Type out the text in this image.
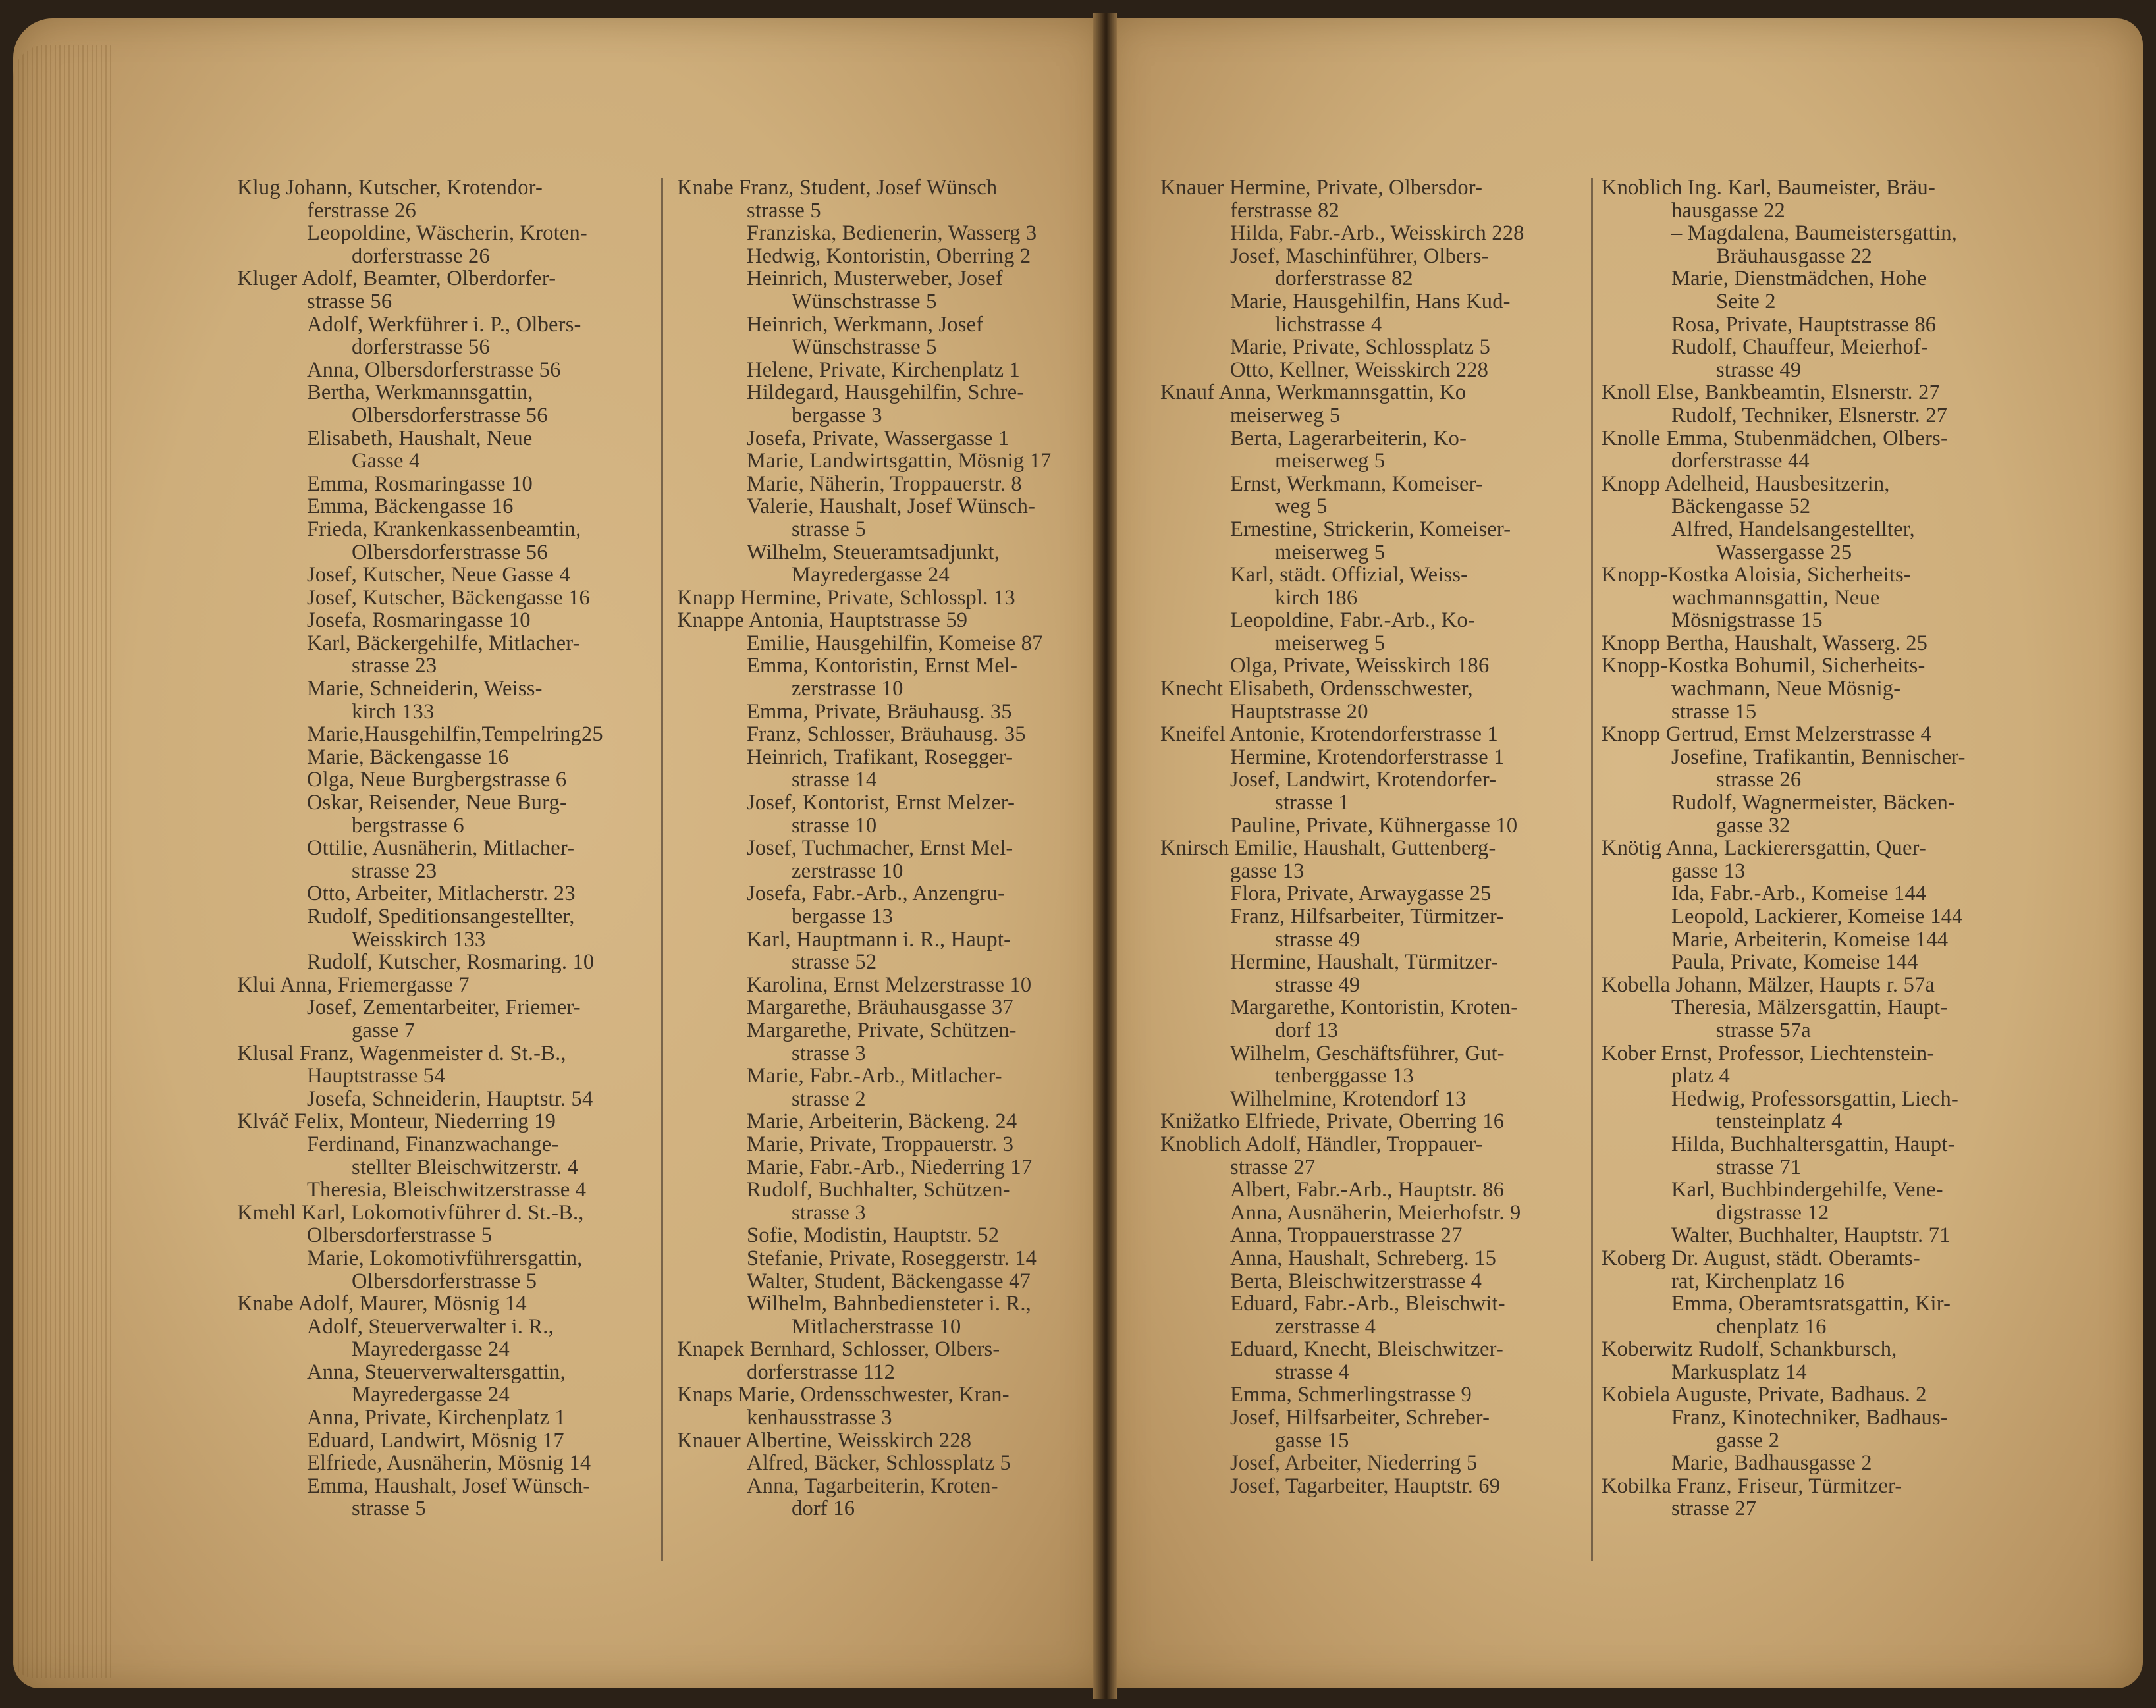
Klug Johann, Kutscher, Krotendor-
ferstrasse 26
Leopoldine, Wäscherin, Kroten-
dorferstrasse 26
Kluger Adolf, Beamter, Olberdorfer-
strasse 56
Adolf, Werkführer i. P., Olbers-
dorferstrasse 56
Anna, Olbersdorferstrasse 56
Bertha, Werkmannsgattin,
Olbersdorferstrasse 56
Elisabeth, Haushalt, Neue
Gasse 4
Emma, Rosmaringasse 10
Emma, Bäckengasse 16
Frieda, Krankenkassenbeamtin,
Olbersdorferstrasse 56
Josef, Kutscher, Neue Gasse 4
Josef, Kutscher, Bäckengasse 16
Josefa, Rosmaringasse 10
Karl, Bäckergehilfe, Mitlacher-
strasse 23
Marie, Schneiderin, Weiss-
kirch 133
Marie,Hausgehilfin,Tempelring25
Marie, Bäckengasse 16
Olga, Neue Burgbergstrasse 6
Oskar, Reisender, Neue Burg-
bergstrasse 6
Ottilie, Ausnäherin, Mitlacher-
strasse 23
Otto, Arbeiter, Mitlacherstr. 23
Rudolf, Speditionsangestellter,
Weisskirch 133
Rudolf, Kutscher, Rosmaring. 10
Klui Anna, Friemergasse 7
Josef, Zementarbeiter, Friemer-
gasse 7
Klusal Franz, Wagenmeister d. St.-B.,
Hauptstrasse 54
Josefa, Schneiderin, Hauptstr. 54
Klváč Felix, Monteur, Niederring 19
Ferdinand, Finanzwachange-
stellter Bleischwitzerstr. 4
Theresia, Bleischwitzerstrasse 4
Kmehl Karl, Lokomotivführer d. St.-B.,
Olbersdorferstrasse 5
Marie, Lokomotivführersgattin,
Olbersdorferstrasse 5
Knabe Adolf, Maurer, Mösnig 14
Adolf, Steuerverwalter i. R.,
Mayredergasse 24
Anna, Steuerverwaltersgattin,
Mayredergasse 24
Anna, Private, Kirchenplatz 1
Eduard, Landwirt, Mösnig 17
Elfriede, Ausnäherin, Mösnig 14
Emma, Haushalt, Josef Wünsch-
strasse 5
Knabe Franz, Student, Josef Wünsch
strasse 5
Franziska, Bedienerin, Wasserg 3
Hedwig, Kontoristin, Oberring 2
Heinrich, Musterweber, Josef
Wünschstrasse 5
Heinrich, Werkmann, Josef
Wünschstrasse 5
Helene, Private, Kirchenplatz 1
Hildegard, Hausgehilfin, Schre-
bergasse 3
Josefa, Private, Wassergasse 1
Marie, Landwirtsgattin, Mösnig 17
Marie, Näherin, Troppauerstr. 8
Valerie, Haushalt, Josef Wünsch-
strasse 5
Wilhelm, Steueramtsadjunkt,
Mayredergasse 24
Knapp Hermine, Private, Schlosspl. 13
Knappe Antonia, Hauptstrasse 59
Emilie, Hausgehilfin, Komeise 87
Emma, Kontoristin, Ernst Mel-
zerstrasse 10
Emma, Private, Bräuhausg. 35
Franz, Schlosser, Bräuhausg. 35
Heinrich, Trafikant, Rosegger-
strasse 14
Josef, Kontorist, Ernst Melzer-
strasse 10
Josef, Tuchmacher, Ernst Mel-
zerstrasse 10
Josefa, Fabr.-Arb., Anzengru-
bergasse 13
Karl, Hauptmann i. R., Haupt-
strasse 52
Karolina, Ernst Melzerstrasse 10
Margarethe, Bräuhausgasse 37
Margarethe, Private, Schützen-
strasse 3
Marie, Fabr.-Arb., Mitlacher-
strasse 2
Marie, Arbeiterin, Bäckeng. 24
Marie, Private, Troppauerstr. 3
Marie, Fabr.-Arb., Niederring 17
Rudolf, Buchhalter, Schützen-
strasse 3
Sofie, Modistin, Hauptstr. 52
Stefanie, Private, Roseggerstr. 14
Walter, Student, Bäckengasse 47
Wilhelm, Bahnbediensteter i. R.,
Mitlacherstrasse 10
Knapek Bernhard, Schlosser, Olbers-
dorferstrasse 112
Knaps Marie, Ordensschwester, Kran-
kenhausstrasse 3
Knauer Albertine, Weisskirch 228
Alfred, Bäcker, Schlossplatz 5
Anna, Tagarbeiterin, Kroten-
dorf 16
Knauer Hermine, Private, Olbersdor-
ferstrasse 82
Hilda, Fabr.-Arb., Weisskirch 228
Josef, Maschinführer, Olbers-
dorferstrasse 82
Marie, Hausgehilfin, Hans Kud-
lichstrasse 4
Marie, Private, Schlossplatz 5
Otto, Kellner, Weisskirch 228
Knauf Anna, Werkmannsgattin, Ko
meiserweg 5
Berta, Lagerarbeiterin, Ko-
meiserweg 5
Ernst, Werkmann, Komeiser-
weg 5
Ernestine, Strickerin, Komeiser-
meiserweg 5
Karl, städt. Offizial, Weiss-
kirch 186
Leopoldine, Fabr.-Arb., Ko-
meiserweg 5
Olga, Private, Weisskirch 186
Knecht Elisabeth, Ordensschwester,
Hauptstrasse 20
Kneifel Antonie, Krotendorferstrasse 1
Hermine, Krotendorferstrasse 1
Josef, Landwirt, Krotendorfer-
strasse 1
Pauline, Private, Kühnergasse 10
Knirsch Emilie, Haushalt, Guttenberg-
gasse 13
Flora, Private, Arwaygasse 25
Franz, Hilfsarbeiter, Türmitzer-
strasse 49
Hermine, Haushalt, Türmitzer-
strasse 49
Margarethe, Kontoristin, Kroten-
dorf 13
Wilhelm, Geschäftsführer, Gut-
tenberggasse 13
Wilhelmine, Krotendorf 13
Knižatko Elfriede, Private, Oberring 16
Knoblich Adolf, Händler, Troppauer-
strasse 27
Albert, Fabr.-Arb., Hauptstr. 86
Anna, Ausnäherin, Meierhofstr. 9
Anna, Troppauerstrasse 27
Anna, Haushalt, Schreberg. 15
Berta, Bleischwitzerstrasse 4
Eduard, Fabr.-Arb., Bleischwit-
zerstrasse 4
Eduard, Knecht, Bleischwitzer-
strasse 4
Emma, Schmerlingstrasse 9
Josef, Hilfsarbeiter, Schreber-
gasse 15
Josef, Arbeiter, Niederring 5
Josef, Tagarbeiter, Hauptstr. 69
Knoblich Ing. Karl, Baumeister, Bräu-
hausgasse 22
– Magdalena, Baumeistersgattin,
Bräuhausgasse 22
Marie, Dienstmädchen, Hohe
Seite 2
Rosa, Private, Hauptstrasse 86
Rudolf, Chauffeur, Meierhof-
strasse 49
Knoll Else, Bankbeamtin, Elsnerstr. 27
Rudolf, Techniker, Elsnerstr. 27
Knolle Emma, Stubenmädchen, Olbers-
dorferstrasse 44
Knopp Adelheid, Hausbesitzerin,
Bäckengasse 52
Alfred, Handelsangestellter,
Wassergasse 25
Knopp-Kostka Aloisia, Sicherheits-
wachmannsgattin, Neue
Mösnigstrasse 15
Knopp Bertha, Haushalt, Wasserg. 25
Knopp-Kostka Bohumil, Sicherheits-
wachmann, Neue Mösnig-
strasse 15
Knopp Gertrud, Ernst Melzerstrasse 4
Josefine, Trafikantin, Bennischer-
strasse 26
Rudolf, Wagnermeister, Bäcken-
gasse 32
Knötig Anna, Lackierersgattin, Quer-
gasse 13
Ida, Fabr.-Arb., Komeise 144
Leopold, Lackierer, Komeise 144
Marie, Arbeiterin, Komeise 144
Paula, Private, Komeise 144
Kobella Johann, Mälzer, Haupts r. 57a
Theresia, Mälzersgattin, Haupt-
strasse 57a
Kober Ernst, Professor, Liechtenstein-
platz 4
Hedwig, Professorsgattin, Liech-
tensteinplatz 4
Hilda, Buchhaltersgattin, Haupt-
strasse 71
Karl, Buchbindergehilfe, Vene-
digstrasse 12
Walter, Buchhalter, Hauptstr. 71
Koberg Dr. August, städt. Oberamts-
rat, Kirchenplatz 16
Emma, Oberamtsratsgattin, Kir-
chenplatz 16
Koberwitz Rudolf, Schankbursch,
Markusplatz 14
Kobiela Auguste, Private, Badhaus. 2
Franz, Kinotechniker, Badhaus-
gasse 2
Marie, Badhausgasse 2
Kobilka Franz, Friseur, Türmitzer-
strasse 27
